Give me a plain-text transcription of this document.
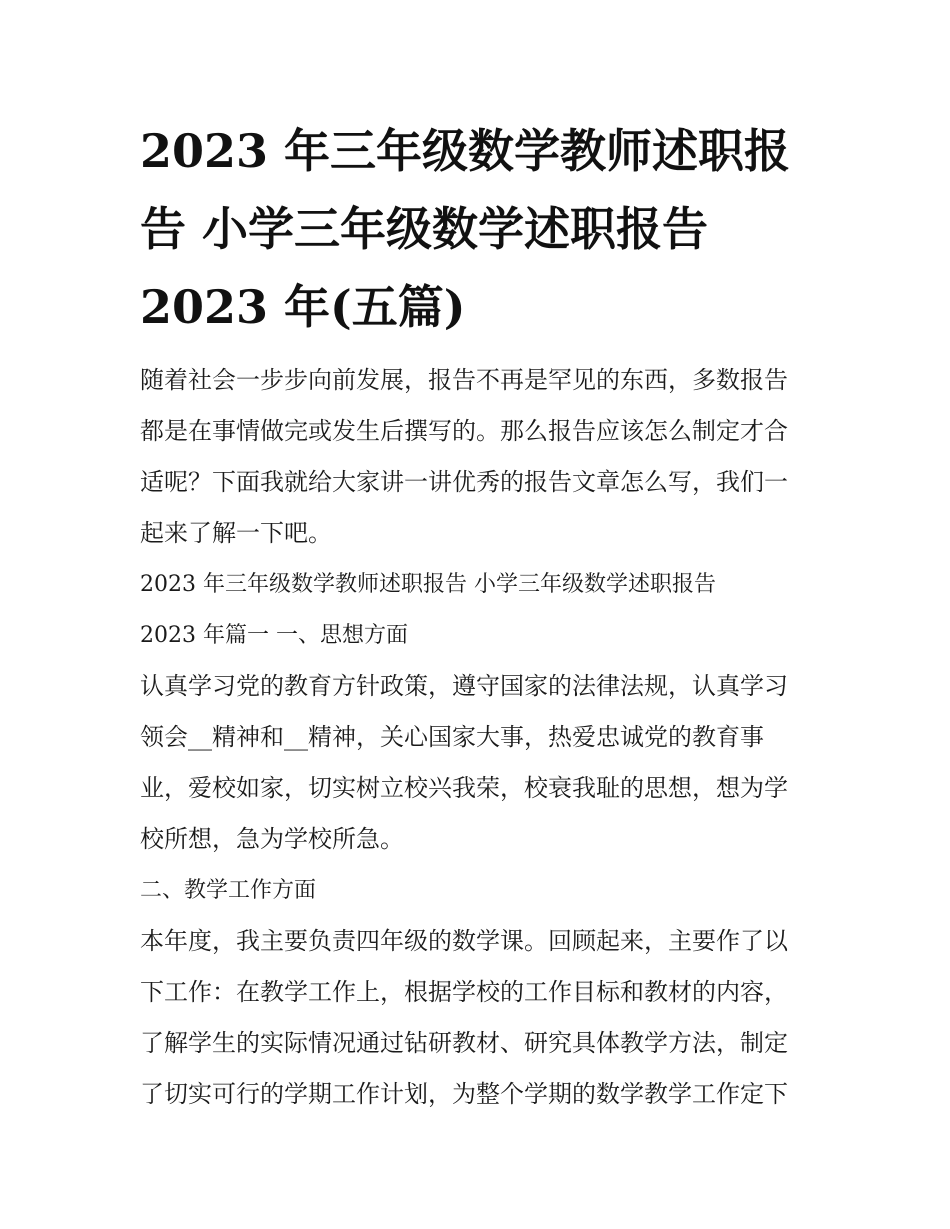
2023 年三年级数学教师述职报
告 小学三年级数学述职报告
2023 年(五篇)
随着社会一步步向前发展，报告不再是罕见的东西，多数报告
都是在事情做完或发生后撰写的。那么报告应该怎么制定才合
适呢？下面我就给大家讲一讲优秀的报告文章怎么写，我们一
起来了解一下吧。
2023 年三年级数学教师述职报告 小学三年级数学述职报告
2023 年篇一 一、思想方面
认真学习党的教育方针政策，遵守国家的法律法规，认真学习
领会__精神和__精神，关心国家大事，热爱忠诚党的教育事
业，爱校如家，切实树立校兴我荣，校衰我耻的思想，想为学
校所想，急为学校所急。
二、教学工作方面
本年度，我主要负责四年级的数学课。回顾起来，主要作了以
下工作：在教学工作上，根据学校的工作目标和教材的内容，
了解学生的实际情况通过钻研教材、研究具体教学方法，制定
了切实可行的学期工作计划，为整个学期的数学教学工作定下
